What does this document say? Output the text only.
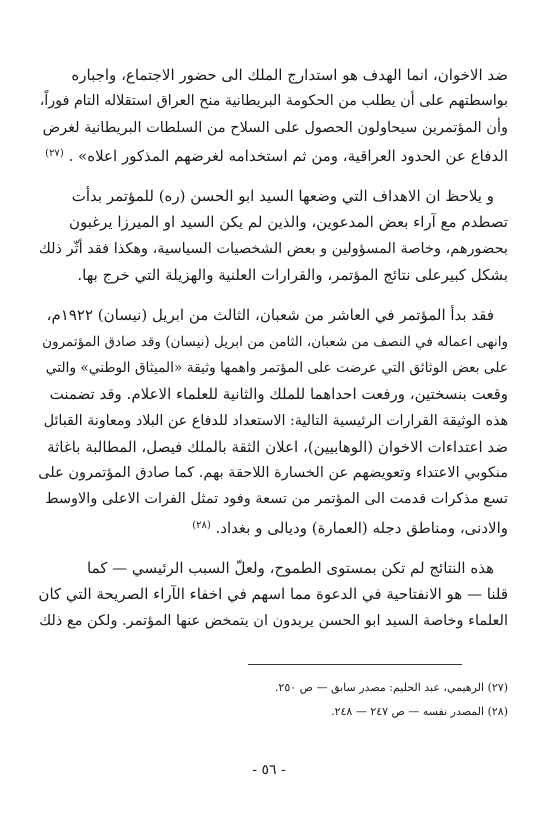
ضد الاخوان، انما الهدف هو استدارج الملك الى حضور الاجتماع، واجباره
بواسطتهم على أن يطلب من الحكومة البريطانية منح العراق استقلاله التام فوراً،
وأن المؤتمرين سيحاولون الحصول على السلاح من السلطات البريطانية لغرض
الدفاع عن الحدود العراقية، ومن ثم استخدامه لغرضهم المذكور اعلاه» . $^{(٢٧)}$
و يلاحظ ان الاهداف التي وضعها السيد ابو الحسن (ره) للمؤتمر بدأت
تصطدم مع آراء بعض المدعوين، والذين لم يكن السيد او الميرزا يرغبون
بحضورهم، وخاصة المسؤولين و بعض الشخصيات السياسية، وهكذا فقد أثّر ذلك
بشكل كبيرعلى نتائج المؤتمر، والقرارات العلنية والهزيلة التي خرج بها.
فقد بدأ المؤتمر في العاشر من شعبان، الثالث من ابريل (نيسان) ١٩٢٢م،
وانهى اعماله في النصف من شعبان، الثامن من ابريل (نيسان) وقد صادق المؤتمرون
على بعض الوثائق التي عرضت على المؤتمر واهمها وثيقة «الميثاق الوطني» والتي
وقعت بنسختين، ورفعت احداهما للملك والثانية للعلماء الاعلام. وقد تضمنت
هذه الوثيقة القرارات الرئيسية التالية: الاستعداد للدفاع عن البلاد ومعاونة القبائل
ضد اعتداءات الاخوان (الوهابيين)، اعلان الثقة بالملك فيصل، المطالبة باغاثة
منكوبي الاعتداء وتعويضهم عن الخسارة اللاحقة بهم. كما صادق المؤتمرون على
تسع مذكرات قدمت الى المؤتمر من تسعة وفود تمثل الفرات الاعلى والاوسط
والادنى، ومناطق دجله (العمارة) وديالى و بغداد. $^{(٢٨)}$
هذه النتائج لم تكن بمستوى الطموح، ولعلّ السبب الرئيسي — كما
قلنا — هو الانفتاحية في الدعوة مما اسهم في اخفاء الآراء الصريحة التي كان
العلماء وخاصة السيد ابو الحسن يريدون ان يتمخض عنها المؤتمر. ولكن مع ذلك
(٢٧) الرهيمي، عبد الحليم: مصدر سابق — ص ٢٥٠.
(٢٨) المصدر نفسه — ص ٢٤٧ — ٢٤٨.
- ٥٦ -
